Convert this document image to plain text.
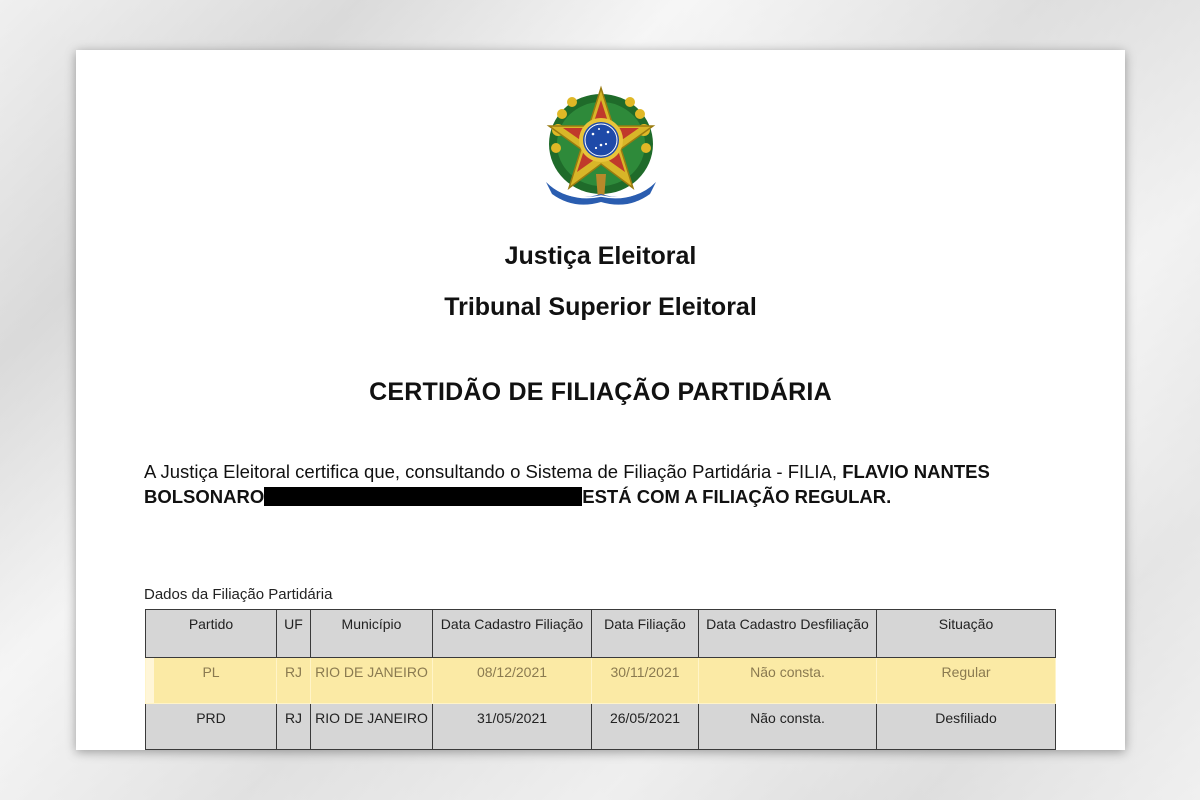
Justiça Eleitoral
Tribunal Superior Eleitoral
CERTIDÃO DE FILIAÇÃO PARTIDÁRIA
A Justiça Eleitoral certifica que, consultando o Sistema de Filiação Partidária - FILIA, FLAVIO NANTES BOLSONARO	ESTÁ COM A FILIAÇÃO REGULAR.
Dados da Filiação Partidária
Partido	UF	Município	Data Cadastro Filiação	Data Filiação	Data Cadastro Desfiliação	Situação
PL	RJ	RIO DE JANEIRO	08/12/2021	30/11/2021	Não consta.	Regular
PRD	RJ	RIO DE JANEIRO	31/05/2021	26/05/2021	Não consta.	Desfiliado
